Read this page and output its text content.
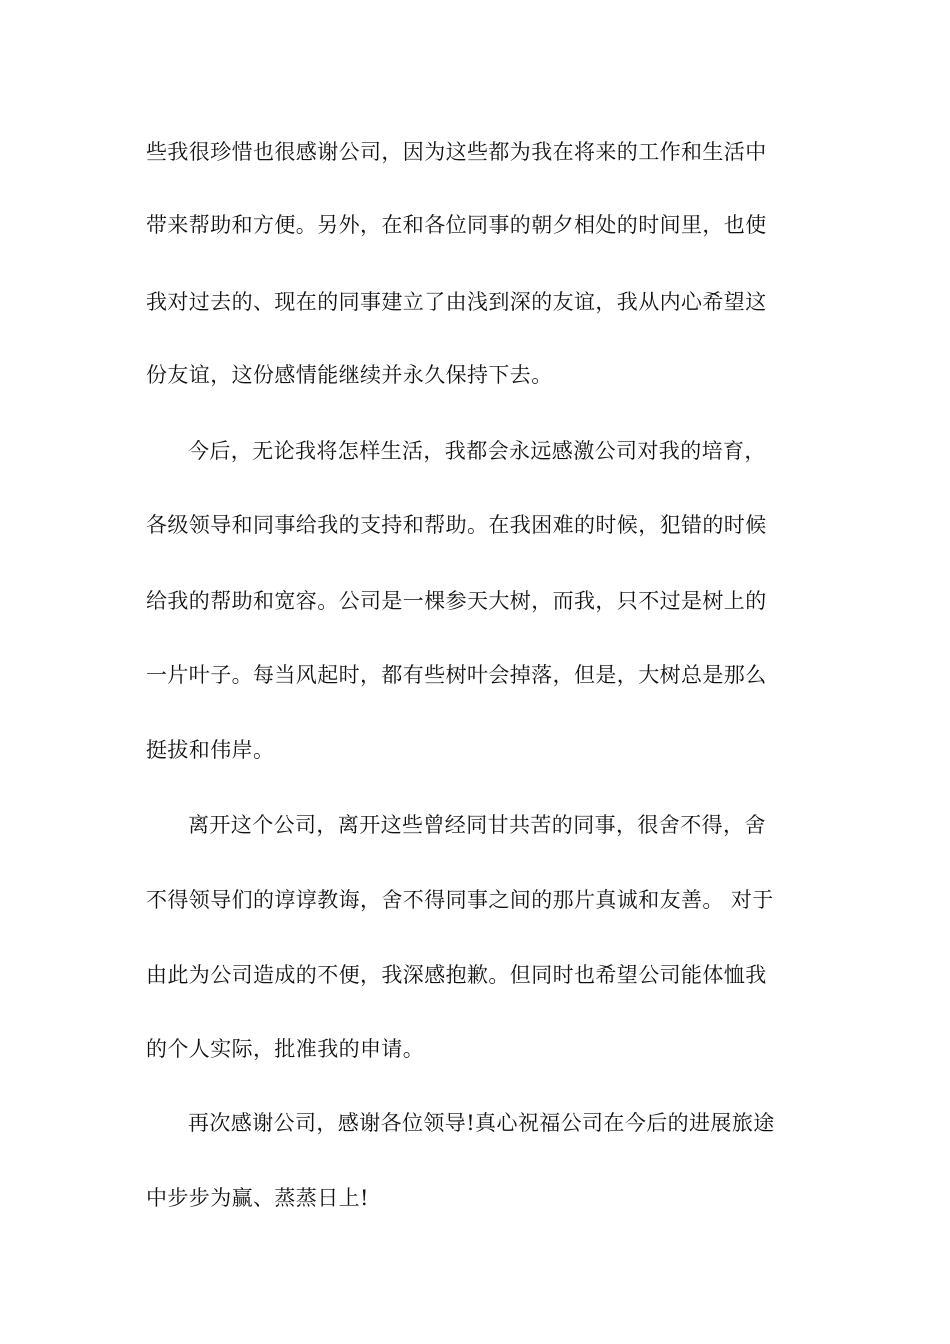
些我很珍惜也很感谢公司，因为这些都为我在将来的工作和生活中

带来帮助和方便。另外，在和各位同事的朝夕相处的时间里，也使

我对过去的、现在的同事建立了由浅到深的友谊，我从内心希望这

份友谊，这份感情能继续并永久保持下去。

今后，无论我将怎样生活，我都会永远感激公司对我的培育，

各级领导和同事给我的支持和帮助。在我困难的时候，犯错的时候

给我的帮助和宽容。公司是一棵参天大树，而我，只不过是树上的

一片叶子。每当风起时，都有些树叶会掉落，但是，大树总是那么

挺拔和伟岸。

离开这个公司，离开这些曾经同甘共苦的同事，很舍不得，舍

不得领导们的谆谆教诲，舍不得同事之间的那片真诚和友善。 对于

由此为公司造成的不便，我深感抱歉。但同时也希望公司能体恤我

的个人实际，批准我的申请。

再次感谢公司，感谢各位领导!真心祝福公司在今后的进展旅途

中步步为赢、蒸蒸日上!
